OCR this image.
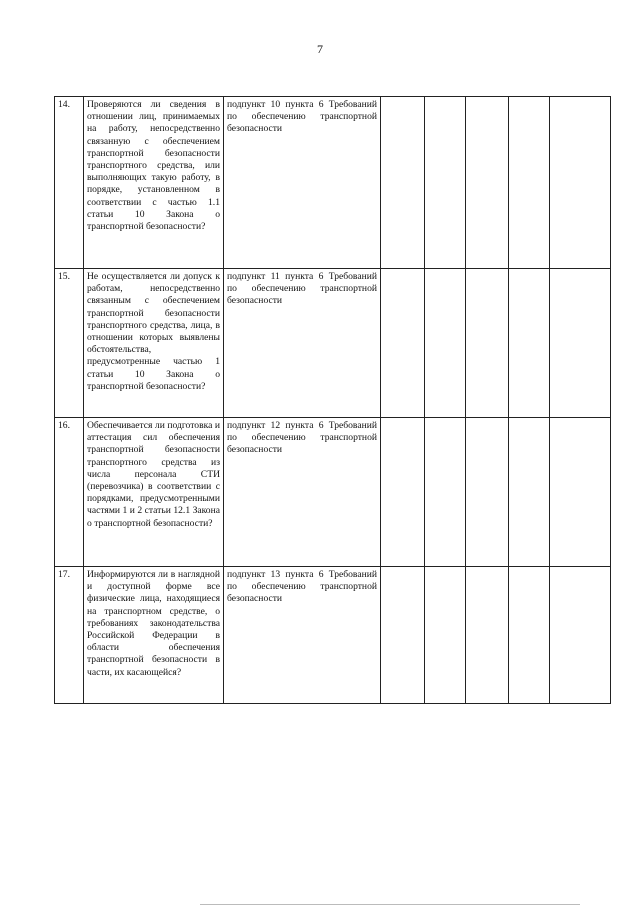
7
14.	Проверяются ли сведения в отношении лиц, принимаемых на работу, непосредственно связанную с обеспечением транспортной безопасности транспортного средства, или выполняющих такую работу, в порядке, установленном в соответствии с частью 1.1 статьи 10 Закона о транспортной безопасности?	подпункт 10 пункта 6 Требований по обеспечению транспортной безопасности					
15.	Не осуществляется ли допуск к работам, непосредственно связанным с обеспечением транспортной безопасности транспортного средства, лица, в отношении которых выявлены обстоятельства, предусмотренные частью 1 статьи 10 Закона о транспортной безопасности?	подпункт 11 пункта 6 Требований по обеспечению транспортной безопасности					
16.	Обеспечивается ли подготовка и аттестация сил обеспечения транспортной безопасности транспортного средства из числа персонала СТИ (перевозчика) в соответствии с порядками, предусмотренными частями 1 и 2 статьи 12.1 Закона о транспортной безопасности?	подпункт 12 пункта 6 Требований по обеспечению транспортной безопасности					
17.	Информируются ли в наглядной и доступной форме все физические лица, находящиеся на транспортном средстве, о требованиях законодательства Российской Федерации в области обеспечения транспортной безопасности в части, их касающейся?	подпункт 13 пункта 6 Требований по обеспечению транспортной безопасности					
